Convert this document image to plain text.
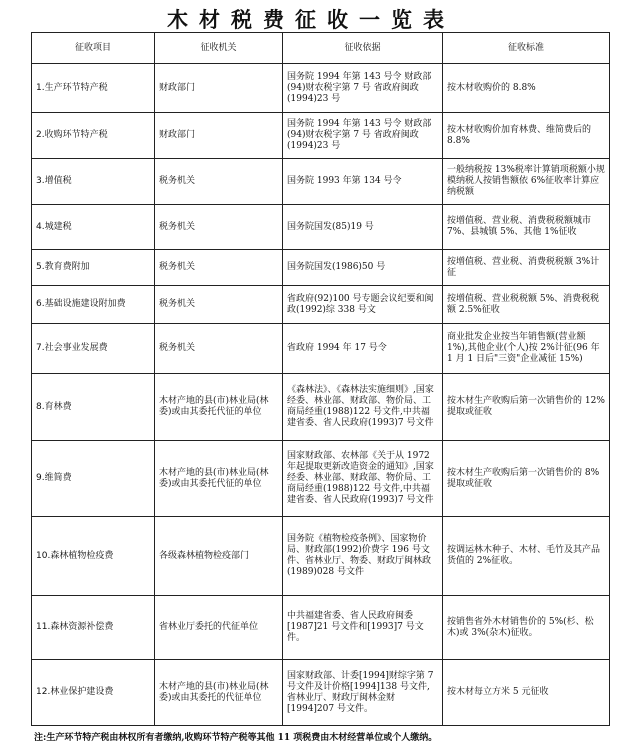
木材税费征收一览表
征收项目	征收机关	征收依据	征收标准
1.生产环节特产税	财政部门	国务院 1994 年第 143 号令 财政部(94)财农税字第 7 号 省政府闽政(1994)23 号	按木材收购价的 8.8%
2.收购环节特产税	财政部门	国务院 1994 年第 143 号令 财政部(94)财农税字第 7 号 省政府闽政(1994)23 号	按木材收购价加育林费、维简费后的 8.8%
3.增值税	税务机关	国务院 1993 年第 134 号令	一般纳税按 13%税率计算销项税额小规模纳税人按销售额依 6%征收率计算应纳税额
4.城建税	税务机关	国务院国发(85)19 号	按增值税、营业税、消费税税额城市 7%、县城镇 5%、其他 1%征收
5.教育费附加	税务机关	国务院国发(1986)50 号	按增值税、营业税、消费税税额 3%计征
6.基础设施建设附加费	税务机关	省政府(92)100 号专题会议纪要和闽政(1992)综 338 号文	按增值税、营业税税额 5%、消费税税额 2.5%征收
7.社会事业发展费	税务机关	省政府 1994 年 17 号令	商业批发企业按当年销售额(营业额 1%),其他企业(个人)按 2%计征(96 年 1 月 1 日后"三资"企业减征 15%)
8.育林费	木材产地的县(市)林业局(林委)或由其委托代征的单位	《森林法》、《森林法实施细则》,国家经委、林业部、财政部、物价局、工商局经重(1988)122 号文件,中共福建省委、省人民政府(1993)7 号文件	按木材生产收购后第一次销售价的 12%提取或征收
9.维简费	木材产地的县(市)林业局(林委)或由其委托代征的单位	国家财政部、农林部《关于从 1972 年起提取更新改造资金的通知》,国家经委、林业部、财政部、物价局、工商局经重(1988)122 号文件,中共福建省委、省人民政府(1993)7 号文件	按木材生产收购后第一次销售价的 8%提取或征收
10.森林植物检疫费	各级森林植物检疫部门	国务院《植物检疫条例》、国家物价局、财政部(1992)价费字 196 号文件、省林业厅、物委、财政厅闽林政(1989)028 号文件	按调运林木种子、木材、毛竹及其产品货值的 2%征收。
11.森林资源补偿费	省林业厅委托的代征单位	中共福建省委、省人民政府闽委[1987]21 号文件和[1993]7 号文件。	按销售省外木材销售价的 5%(杉、松木)或 3%(杂木)征收。
12.林业保护建设费	木材产地的县(市)林业局(林委)或由其委托的代征单位	国家财政部、计委[1994]财综字第 7 号文件及计价格[1994]138 号文件,省林业厅、财政厅闽林金财[1994]207 号文件。	按木材每立方米 5 元征收
注:生产环节特产税由林权所有者缴纳,收购环节特产税等其他 11 项税费由木材经营单位或个人缴纳。
